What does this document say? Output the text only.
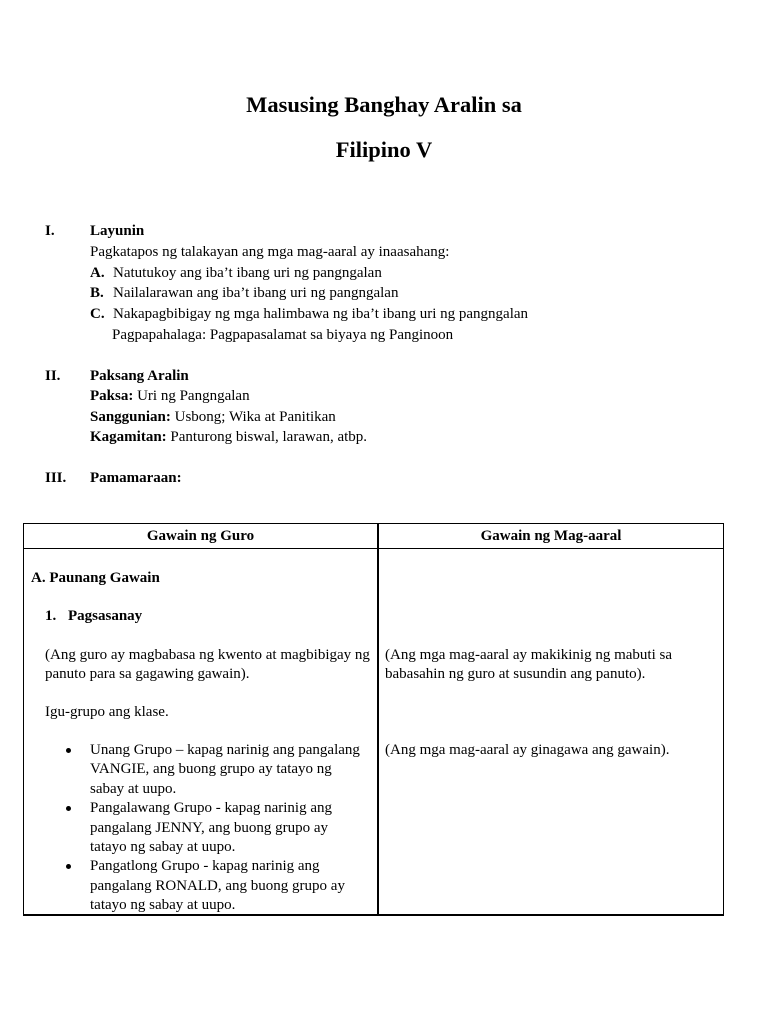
Masusing Banghay Aralin sa
Filipino V
I. Layunin
Pagkatapos ng talakayan ang mga mag-aaral ay inaasahang:
A. Natutukoy ang iba’t ibang uri ng pangngalan
B. Nailalarawan ang iba’t ibang uri ng pangngalan
C. Nakapagbibigay ng mga halimbawa ng iba’t ibang uri ng pangngalan
Pagpapahalaga: Pagpapasalamat sa biyaya ng Panginoon
II. Paksang Aralin
Paksa: Uri ng Pangngalan
Sanggunian: Usbong; Wika at Panitikan
Kagamitan: Panturong biswal, larawan, atbp.
III. Pamamaraan:
Gawain ng Guro	Gawain ng Mag-aaral
A. Paunang Gawain
1. Pagsasanay
(Ang guro ay magbabasa ng kwento at magbibigay ng
panuto para sa gagawing gawain).
Igu-grupo ang klase.
Unang Grupo – kapag narinig ang pangalang
VANGIE, ang buong grupo ay tatayo ng
sabay at uupo.
Pangalawang Grupo - kapag narinig ang
pangalang JENNY, ang buong grupo ay
tatayo ng sabay at uupo.
Pangatlong Grupo - kapag narinig ang
pangalang RONALD, ang buong grupo ay
tatayo ng sabay at uupo.
(Ang mga mag-aaral ay makikinig ng mabuti sa
babasahin ng guro at susundin ang panuto).
(Ang mga mag-aaral ay ginagawa ang gawain).
